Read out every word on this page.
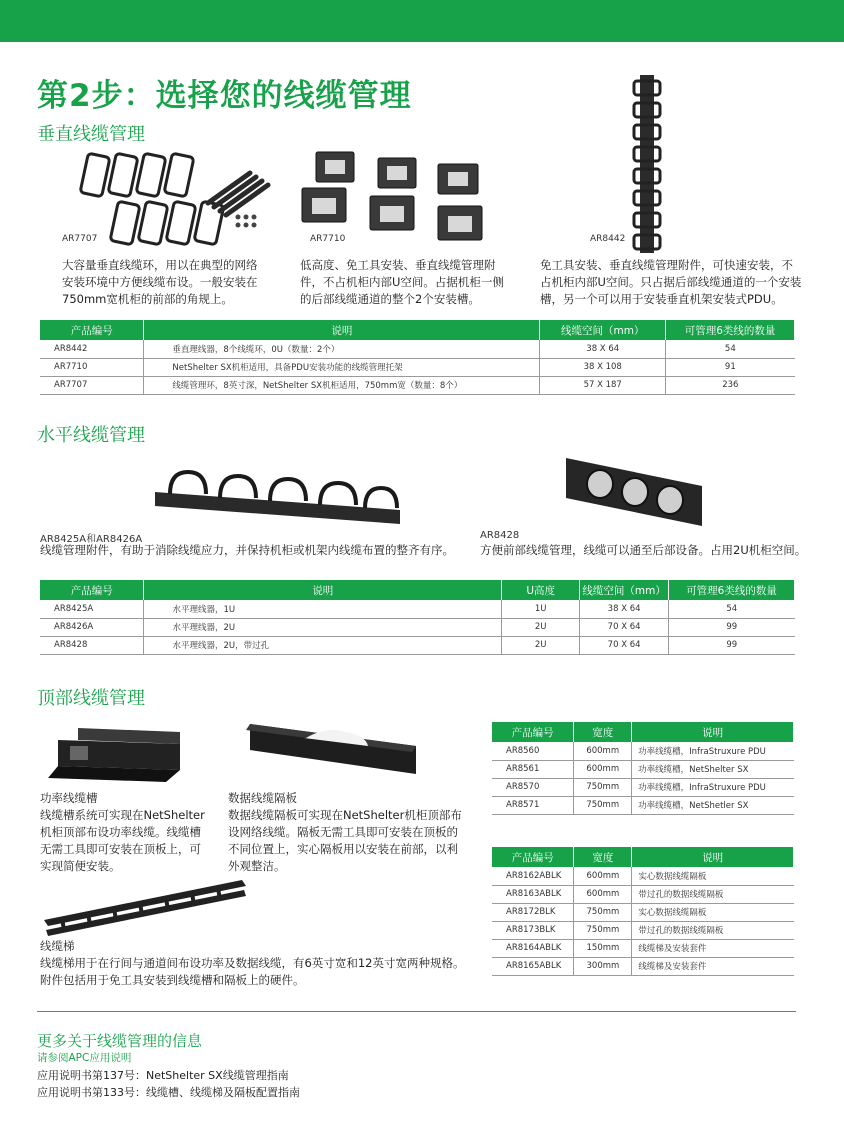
第2步：选择您的线缆管理
垂直线缆管理
AR7707
大容量垂直线缆环，用以在典型的网络安装环境中方便线缆布设。一般安装在750mm宽机柜的前部的角规上。
AR7710
低高度、免工具安装、垂直线缆管理附件，不占机柜内部U空间。占据机柜一侧的后部线缆通道的整个2个安装槽。
AR8442
免工具安装、垂直线缆管理附件，可快速安装，不占机柜内部U空间。只占据后部线缆通道的一个安装槽，另一个可以用于安装垂直机架安装式PDU。
产品编号	说明	线缆空间（mm）	可管理6类线的数量
AR8442	垂直理线器，8个线缆环，0U（数量：2个）	38 X 64	54
AR7710	NetShelter SX机柜适用，具备PDU安装功能的线缆管理托架	38 X 108	91
AR7707	线缆管理环，8英寸深，NetShelter SX机柜适用，750mm宽（数量：8个）	57 X 187	236
水平线缆管理
AR8425A和AR8426A
线缆管理附件，有助于消除线缆应力，并保持机柜或机架内线缆布置的整齐有序。
AR8428
方便前部线缆管理，线缆可以通至后部设备。占用2U机柜空间。
产品编号	说明	U高度	线缆空间（mm）	可管理6类线的数量
AR8425A	水平理线器，1U	1U	38 X 64	54
AR8426A	水平理线器，2U	2U	70 X 64	99
AR8428	水平理线器，2U，带过孔	2U	70 X 64	99
顶部线缆管理
功率线缆槽
线缆槽系统可实现在NetShelter机柜顶部布设功率线缆。线缆槽无需工具即可安装在顶板上，可实现简便安装。
数据线缆隔板
数据线缆隔板可实现在NetShelter机柜顶部布设网络线缆。隔板无需工具即可安装在顶板的不同位置上，实心隔板用以安装在前部，以利外观整洁。
线缆梯
线缆梯用于在行间与通道间布设功率及数据线缆，有6英寸宽和12英寸宽两种规格。
附件包括用于免工具安装到线缆槽和隔板上的硬件。
产品编号	宽度	说明
AR8560	600mm	功率线缆槽，InfraStruxure PDU
AR8561	600mm	功率线缆槽，NetShelter SX
AR8570	750mm	功率线缆槽，InfraStruxure PDU
AR8571	750mm	功率线缆槽，NetShetler SX
产品编号	宽度	说明
AR8162ABLK	600mm	实心数据线缆隔板
AR8163ABLK	600mm	带过孔的数据线缆隔板
AR8172BLK	750mm	实心数据线缆隔板
AR8173BLK	750mm	带过孔的数据线缆隔板
AR8164ABLK	150mm	线缆梯及安装套件
AR8165ABLK	300mm	线缆梯及安装套件
更多关于线缆管理的信息
请参阅APC应用说明
应用说明书第137号：NetShelter SX线缆管理指南
应用说明书第133号：线缆槽、线缆梯及隔板配置指南
